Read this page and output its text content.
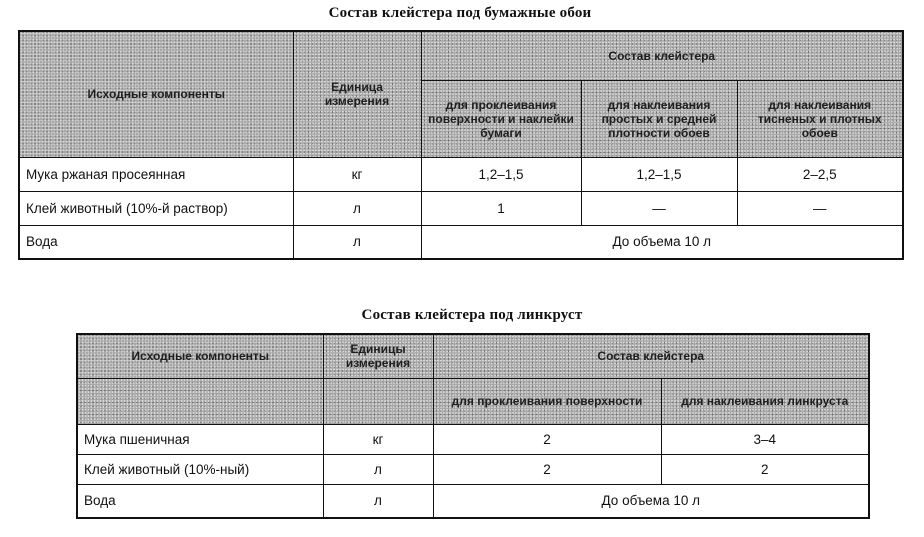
Состав клейстера под бумажные обои
Исходные компоненты	Единица измерения	Состав клейстера		
		для проклеивания поверхности и наклейки бумаги	для наклеивания простых и средней плотности обоев	для наклеивания тисненых и плотных обоев
Мука ржаная просеянная	кг	1,2–1,5	1,2–1,5	2–2,5
Клей животный (10%-й раствор)	л	1	—	—
Вода	л	До объема 10 л		
Состав клейстера под линкруст
Исходные компоненты	Единицы измерения	Состав клейстера	
		для проклеивания поверхности	для наклеивания линкруста
Мука пшеничная	кг	2	3–4
Клей животный (10%-ный)	л	2	2
Вода	л	До объема 10 л	
